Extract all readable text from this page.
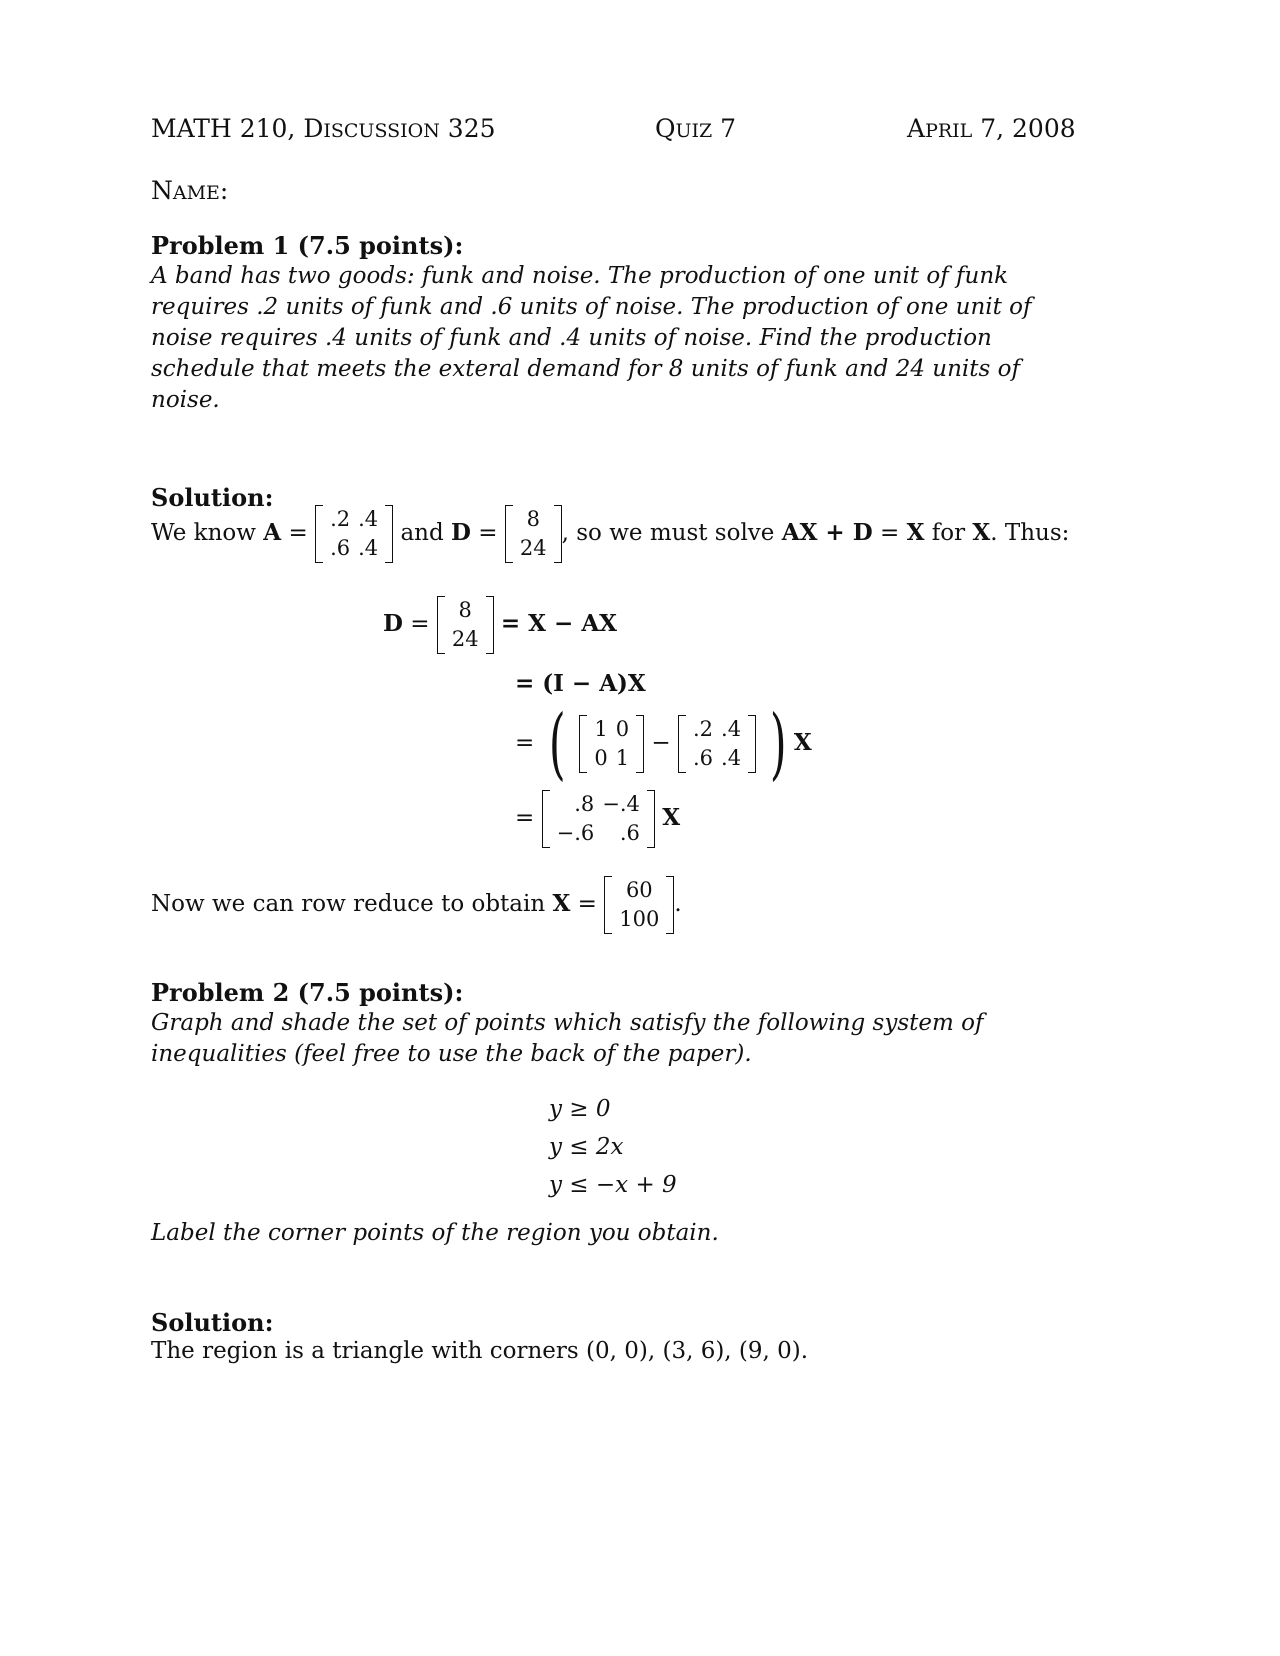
MATH 210, DISCUSSION 325	QUIZ 7	APRIL 7, 2008
NAME:
Problem 1 (7.5 points):
A band has two goods: funk and noise. The production of one unit of funk requires .2 units of funk and .6 units of noise. The production of one unit of noise requires .4 units of funk and .4 units of noise. Find the production schedule that meets the exteral demand for 8 units of funk and 24 units of noise.
Solution:
We know A =
.2	.4
.6	.4
and D =
8
24
, so we must solve AX + D = X for X. Thus:
D =
8
24
= X − AX
= (I − A)X
= ( 1	0
0	1
−
.2	.4
.6	.4 ) X
=
.8	−.4
−.6	.6
X
Now we can row reduce to obtain X =
60
100
.
Problem 2 (7.5 points):
Graph and shade the set of points which satisfy the following system of inequalities (feel free to use the back of the paper).
y ≥ 0
y ≤ 2x
y ≤ −x + 9
Label the corner points of the region you obtain.
Solution:
The region is a triangle with corners (0, 0), (3, 6), (9, 0).
